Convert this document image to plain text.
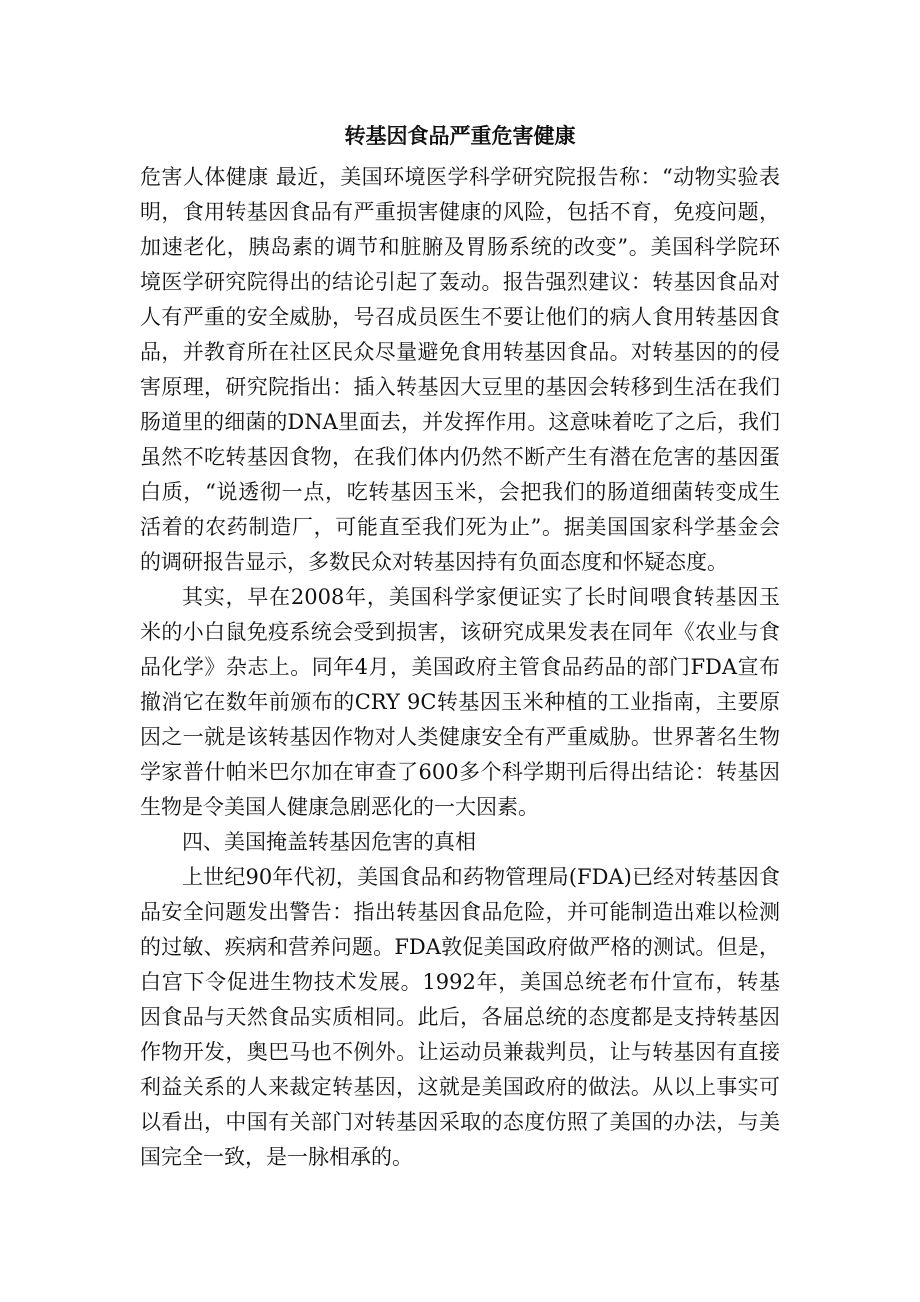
转基因食品严重危害健康

危害人体健康 最近，美国环境医学科学研究院报告称：“动物实验表明，食用转基因食品有严重损害健康的风险，包括不育，免疫问题，加速老化，胰岛素的调节和脏腑及胃肠系统的改变”。美国科学院环境医学研究院得出的结论引起了轰动。报告强烈建议：转基因食品对人有严重的安全威胁，号召成员医生不要让他们的病人食用转基因食品，并教育所在社区民众尽量避免食用转基因食品。对转基因的的侵害原理，研究院指出：插入转基因大豆里的基因会转移到生活在我们肠道里的细菌的DNA里面去，并发挥作用。这意味着吃了之后，我们虽然不吃转基因食物，在我们体内仍然不断产生有潜在危害的基因蛋白质，“说透彻一点，吃转基因玉米，会把我们的肠道细菌转变成生活着的农药制造厂，可能直至我们死为止”。据美国国家科学基金会的调研报告显示，多数民众对转基因持有负面态度和怀疑态度。

其实，早在2008年，美国科学家便证实了长时间喂食转基因玉米的小白鼠免疫系统会受到损害，该研究成果发表在同年《农业与食品化学》杂志上。同年4月，美国政府主管食品药品的部门FDA宣布撤消它在数年前颁布的CRY 9C转基因玉米种植的工业指南，主要原因之一就是该转基因作物对人类健康安全有严重威胁。世界著名生物学家普什帕米巴尔加在审查了600多个科学期刊后得出结论：转基因生物是令美国人健康急剧恶化的一大因素。

四、美国掩盖转基因危害的真相

上世纪90年代初，美国食品和药物管理局(FDA)已经对转基因食品安全问题发出警告：指出转基因食品危险，并可能制造出难以检测的过敏、疾病和营养问题。FDA敦促美国政府做严格的测试。但是，白宫下令促进生物技术发展。1992年，美国总统老布什宣布，转基因食品与天然食品实质相同。此后，各届总统的态度都是支持转基因作物开发，奥巴马也不例外。让运动员兼裁判员，让与转基因有直接利益关系的人来裁定转基因，这就是美国政府的做法。从以上事实可以看出，中国有关部门对转基因采取的态度仿照了美国的办法，与美国完全一致，是一脉相承的。
